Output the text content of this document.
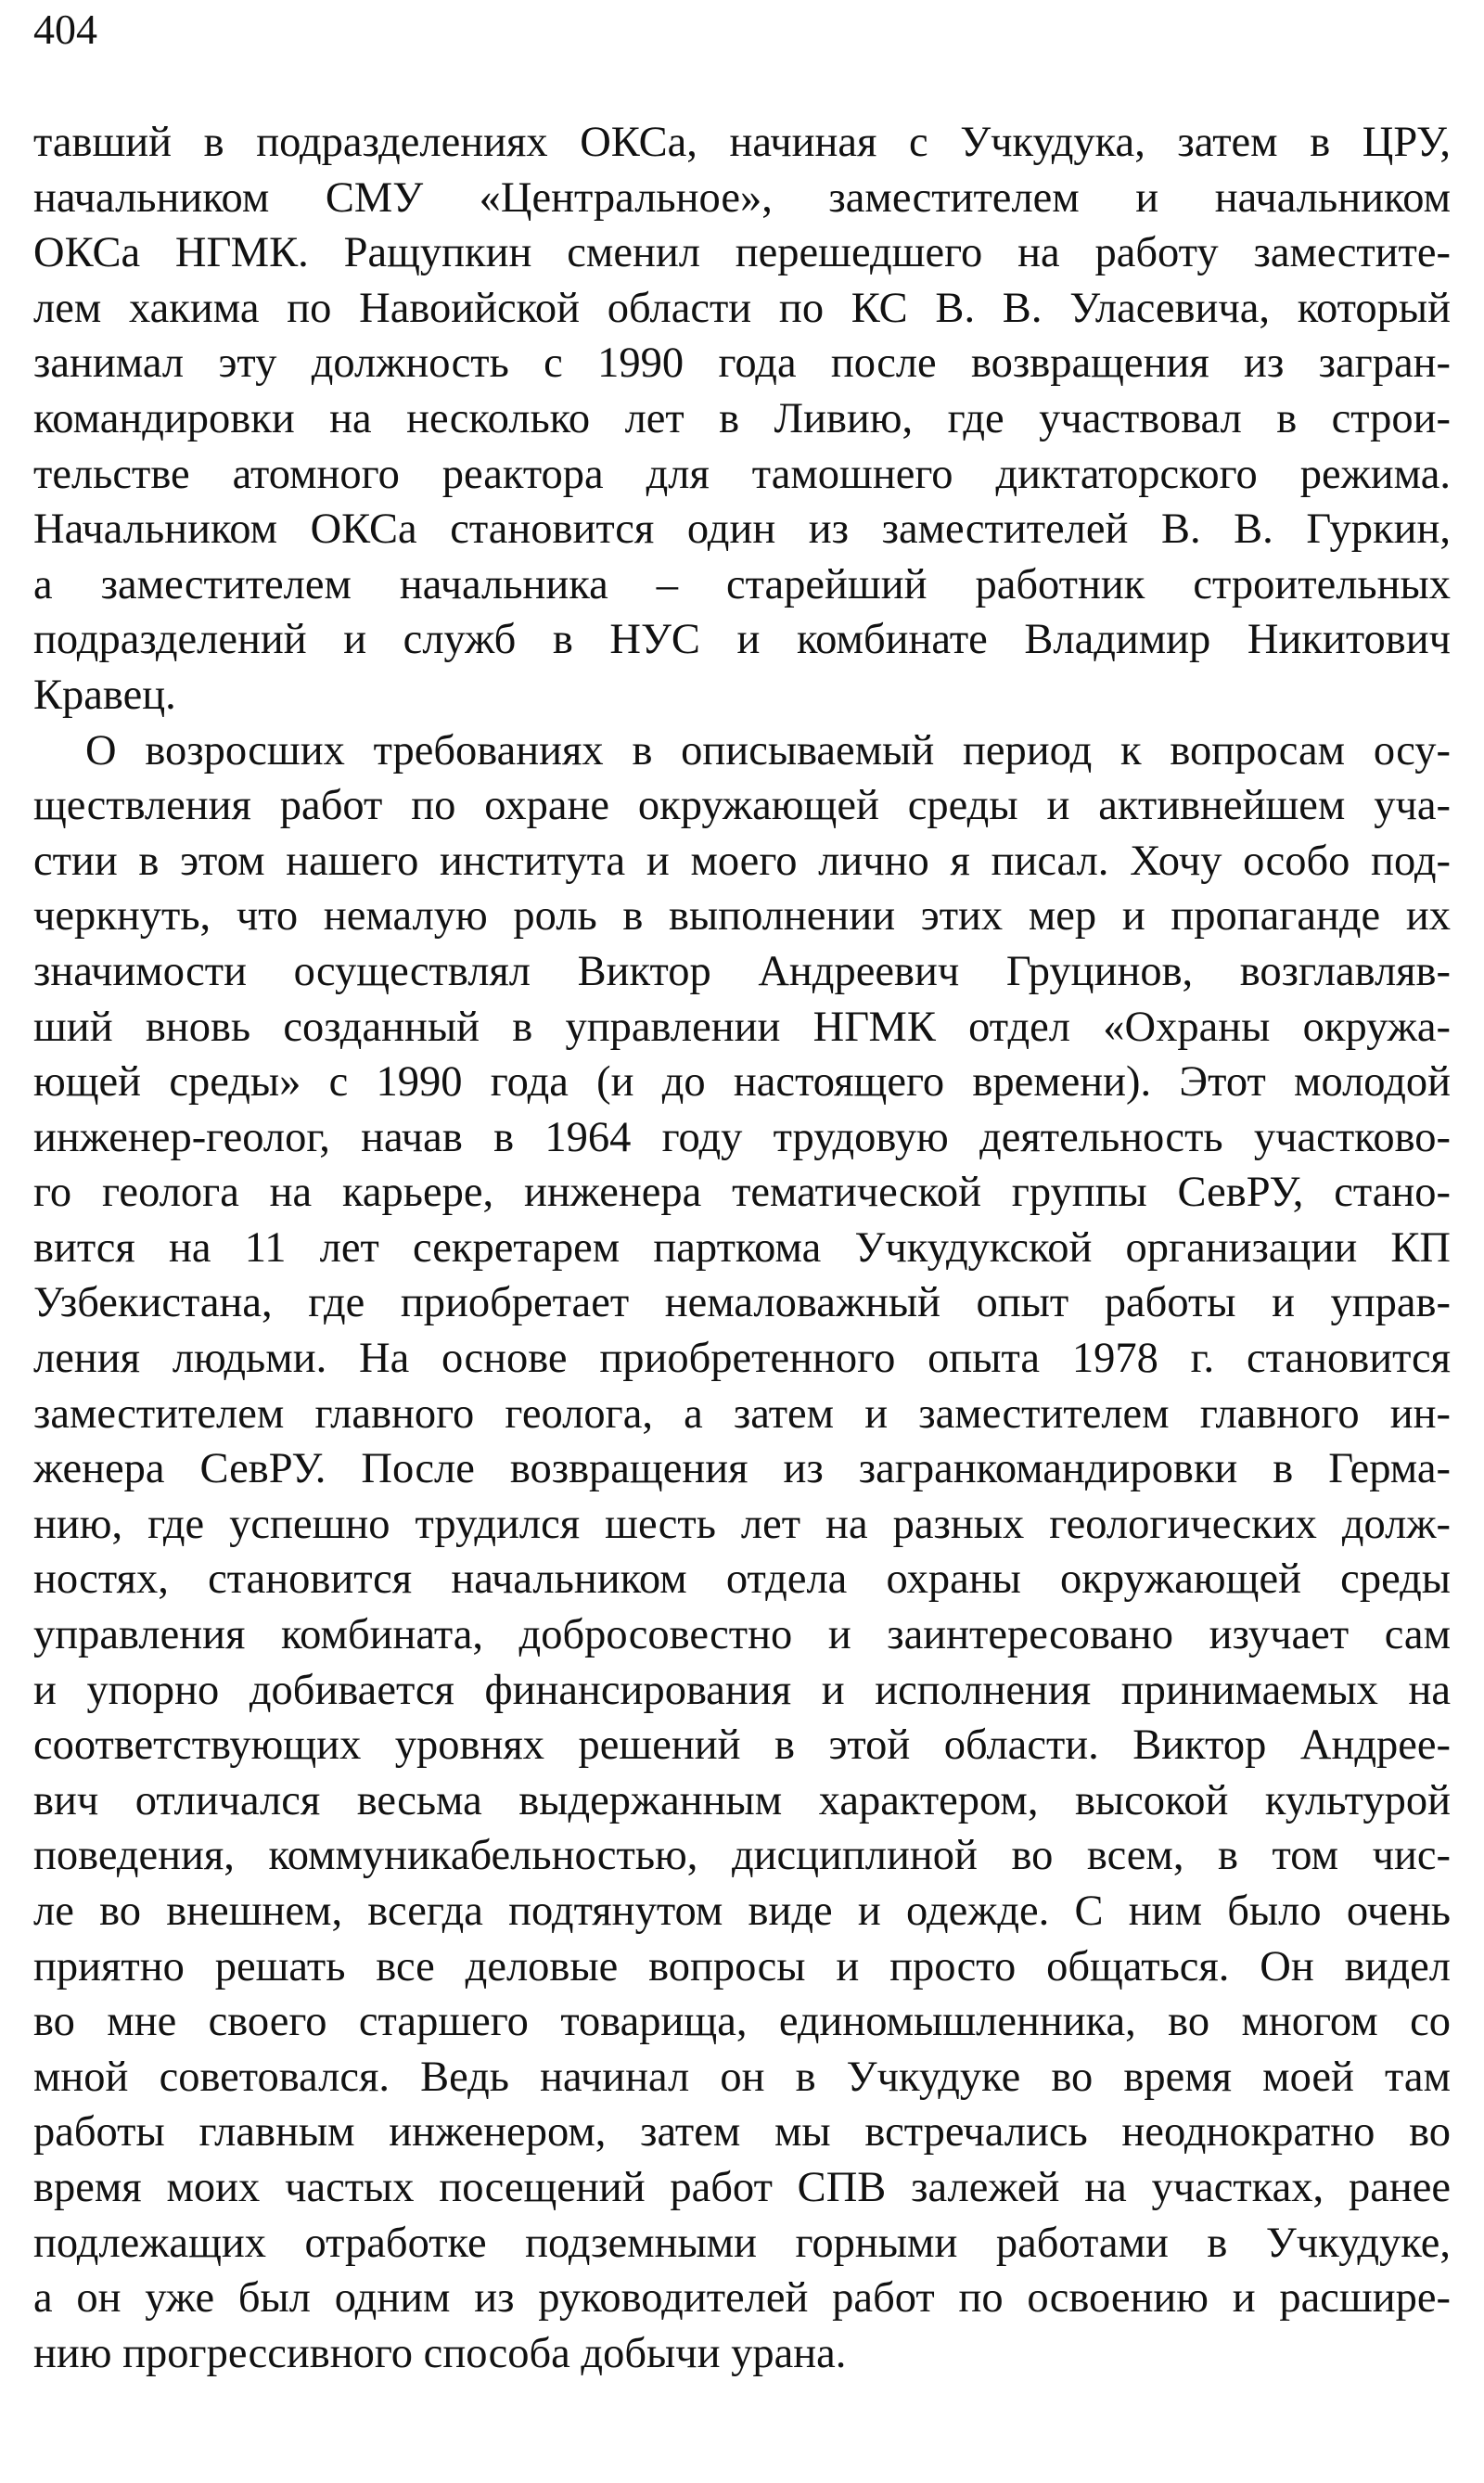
404
тавший в подразделениях ОКСа, начиная с Учкудука, затем в ЦРУ,
начальником СМУ «Центральное», заместителем и начальником
ОКСа НГМК. Ращупкин сменил перешедшего на работу заместите-
лем хакима по Навоийской области по КС В. В. Уласевича, который
занимал эту должность с 1990 года после возвращения из загран-
командировки на несколько лет в Ливию, где участвовал в строи-
тельстве атомного реактора для тамошнего диктаторского режима.
Начальником ОКСа становится один из заместителей В. В. Гуркин,
а заместителем начальника – старейший работник строительных
подразделений и служб в НУС и комбинате Владимир Никитович
Кравец.
О возросших требованиях в описываемый период к вопросам осу-
ществления работ по охране окружающей среды и активнейшем уча-
стии в этом нашего института и моего лично я писал. Хочу особо под-
черкнуть, что немалую роль в выполнении этих мер и пропаганде их
значимости осуществлял Виктор Андреевич Груцинов, возглавляв-
ший вновь созданный в управлении НГМК отдел «Охраны окружа-
ющей среды» с 1990 года (и до настоящего времени). Этот молодой
инженер-геолог, начав в 1964 году трудовую деятельность участково-
го геолога на карьере, инженера тематической группы СевРУ, стано-
вится на 11 лет секретарем парткома Учкудукской организации КП
Узбекистана, где приобретает немаловажный опыт работы и управ-
ления людьми. На основе приобретенного опыта 1978 г. становится
заместителем главного геолога, а затем и заместителем главного ин-
женера СевРУ. После возвращения из загранкомандировки в Герма-
нию, где успешно трудился шесть лет на разных геологических долж-
ностях, становится начальником отдела охраны окружающей среды
управления комбината, добросовестно и заинтересовано изучает сам
и упорно добивается финансирования и исполнения принимаемых на
соответствующих уровнях решений в этой области. Виктор Андрее-
вич отличался весьма выдержанным характером, высокой культурой
поведения, коммуникабельностью, дисциплиной во всем, в том чис-
ле во внешнем, всегда подтянутом виде и одежде. С ним было очень
приятно решать все деловые вопросы и просто общаться. Он видел
во мне своего старшего товарища, единомышленника, во многом со
мной советовался. Ведь начинал он в Учкудуке во время моей там
работы главным инженером, затем мы встречались неоднократно во
время моих частых посещений работ СПВ залежей на участках, ранее
подлежащих отработке подземными горными работами в Учкудуке,
а он уже был одним из руководителей работ по освоению и расшире-
нию прогрессивного способа добычи урана.
